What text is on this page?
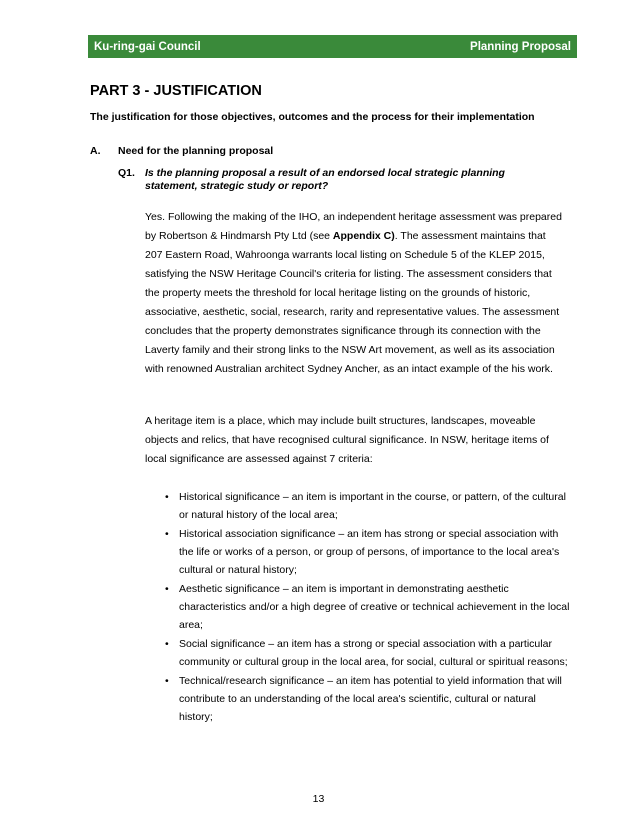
Ku-ring-gai Council	Planning Proposal
PART 3 - JUSTIFICATION

The justification for those objectives, outcomes and the process for their implementation

A. Need for the planning proposal
Q1. Is the planning proposal a result of an endorsed local strategic planning statement, strategic study or report?

Yes. Following the making of the IHO, an independent heritage assessment was prepared by Robertson & Hindmarsh Pty Ltd (see Appendix C). The assessment maintains that 207 Eastern Road, Wahroonga warrants local listing on Schedule 5 of the KLEP 2015, satisfying the NSW Heritage Council's criteria for listing. The assessment considers that the property meets the threshold for local heritage listing on the grounds of historic, associative, aesthetic, social, research, rarity and representative values. The assessment concludes that the property demonstrates significance through its connection with the Laverty family and their strong links to the NSW Art movement, as well as its association with renowned Australian architect Sydney Ancher, as an intact example of the his work.

A heritage item is a place, which may include built structures, landscapes, moveable objects and relics, that have recognised cultural significance. In NSW, heritage items of local significance are assessed against 7 criteria:

• Historical significance – an item is important in the course, or pattern, of the cultural or natural history of the local area;
• Historical association significance – an item has strong or special association with the life or works of a person, or group of persons, of importance to the local area's cultural or natural history;
• Aesthetic significance – an item is important in demonstrating aesthetic characteristics and/or a high degree of creative or technical achievement in the local area;
• Social significance – an item has a strong or special association with a particular community or cultural group in the local area, for social, cultural or spiritual reasons;
• Technical/research significance – an item has potential to yield information that will contribute to an understanding of the local area's scientific, cultural or natural history;
13
